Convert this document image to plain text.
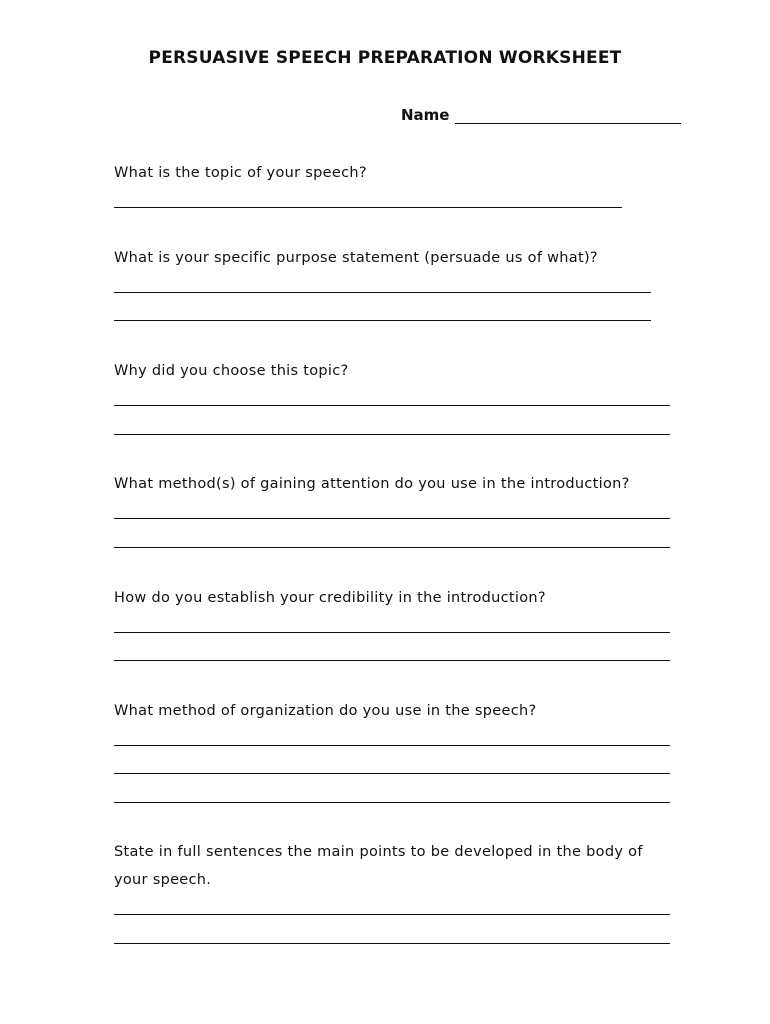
PERSUASIVE SPEECH PREPARATION WORKSHEET
Name
What is the topic of your speech?
What is your specific purpose statement (persuade us of what)?
Why did you choose this topic?
What method(s) of gaining attention do you use in the introduction?
How do you establish your credibility in the introduction?
What method of organization do you use in the speech?
State in full sentences the main points to be developed in the body of your speech.
